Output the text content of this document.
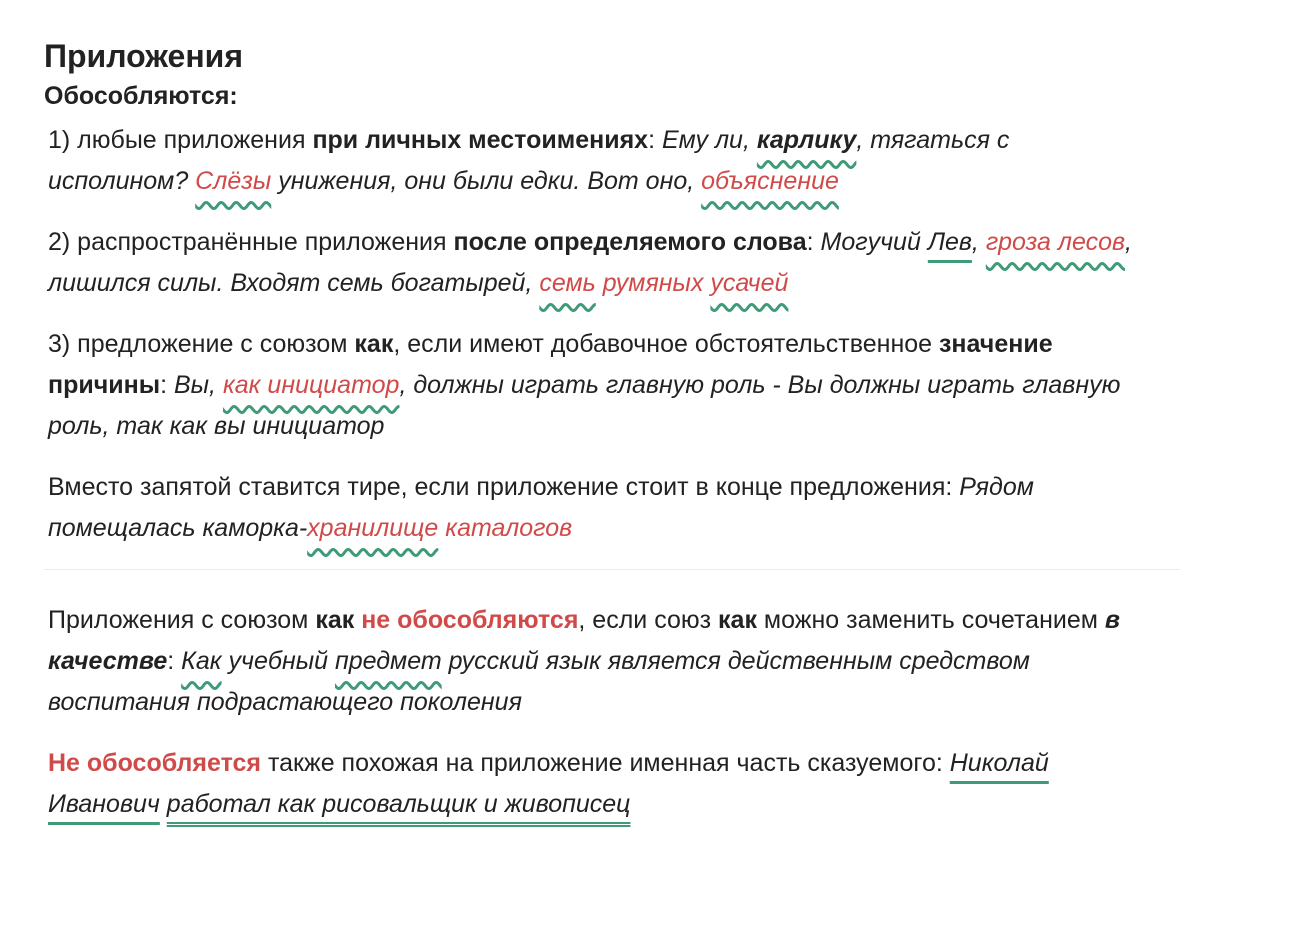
Приложения
Обособляются:

1) любые приложения при личных местоимениях: Ему ли, карлику, тягаться с исполином? Слёзы унижения, они были едки. Вот оно, объяснение

2) распространённые приложения после определяемого слова: Могучий Лев, гроза лесов, лишился силы. Входят семь богатырей, семь румяных усачей

3) предложение с союзом как, если имеют добавочное обстоятельственное значение причины: Вы, как инициатор, должны играть главную роль - Вы должны играть главную роль, так как вы инициатор

Вместо запятой ставится тире, если приложение стоит в конце предложения: Рядом помещалась каморка-хранилище каталогов

Приложения с союзом как не обособляются, если союз как можно заменить сочетанием в качестве: Как учебный предмет русский язык является действенным средством воспитания подрастающего поколения

Не обособляется также похожая на приложение именная часть сказуемого: Николай Иванович работал как рисовальщик и живописец
